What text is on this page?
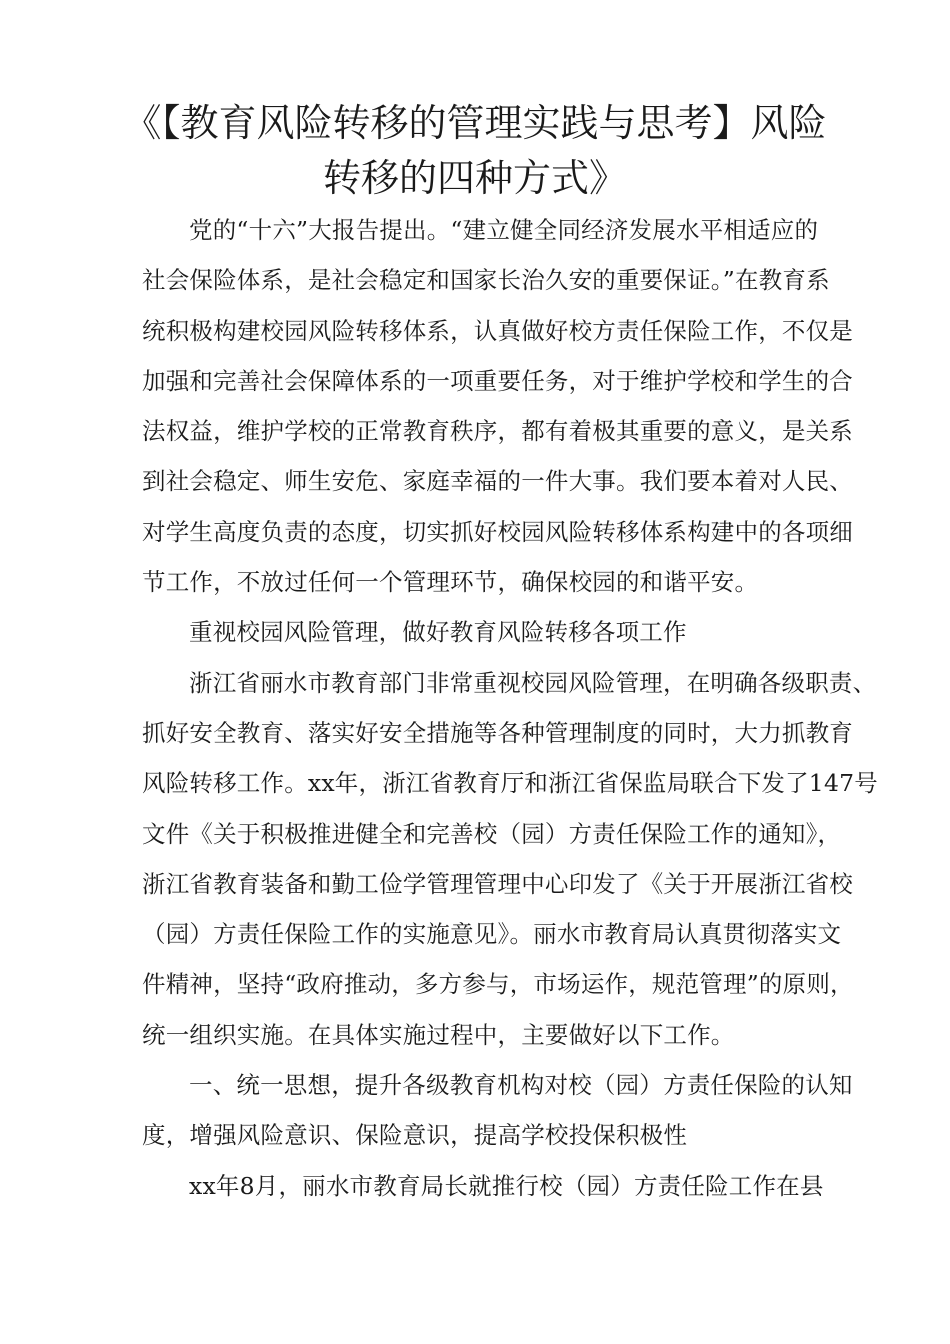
《【教育风险转移的管理实践与思考】风险
转移的四种方式》
党的“十六”大报告提出。“建立健全同经济发展水平相适应的
社会保险体系，是社会稳定和国家长治久安的重要保证。”在教育系
统积极构建校园风险转移体系，认真做好校方责任保险工作，不仅是
加强和完善社会保障体系的一项重要任务，对于维护学校和学生的合
法权益，维护学校的正常教育秩序，都有着极其重要的意义，是关系
到社会稳定、师生安危、家庭幸福的一件大事。我们要本着对人民、
对学生高度负责的态度，切实抓好校园风险转移体系构建中的各项细
节工作，不放过任何一个管理环节，确保校园的和谐平安。
重视校园风险管理，做好教育风险转移各项工作
浙江省丽水市教育部门非常重视校园风险管理，在明确各级职责、
抓好安全教育、落实好安全措施等各种管理制度的同时，大力抓教育
风险转移工作。xx年，浙江省教育厅和浙江省保监局联合下发了147号
文件《关于积极推进健全和完善校（园）方责任保险工作的通知》，
浙江省教育装备和勤工俭学管理管理中心印发了《关于开展浙江省校
（园）方责任保险工作的实施意见》。丽水市教育局认真贯彻落实文
件精神，坚持“政府推动，多方参与，市场运作，规范管理”的原则，
统一组织实施。在具体实施过程中，主要做好以下工作。
一、统一思想，提升各级教育机构对校（园）方责任保险的认知
度，增强风险意识、保险意识，提高学校投保积极性
xx年8月，丽水市教育局长就推行校（园）方责任险工作在县
